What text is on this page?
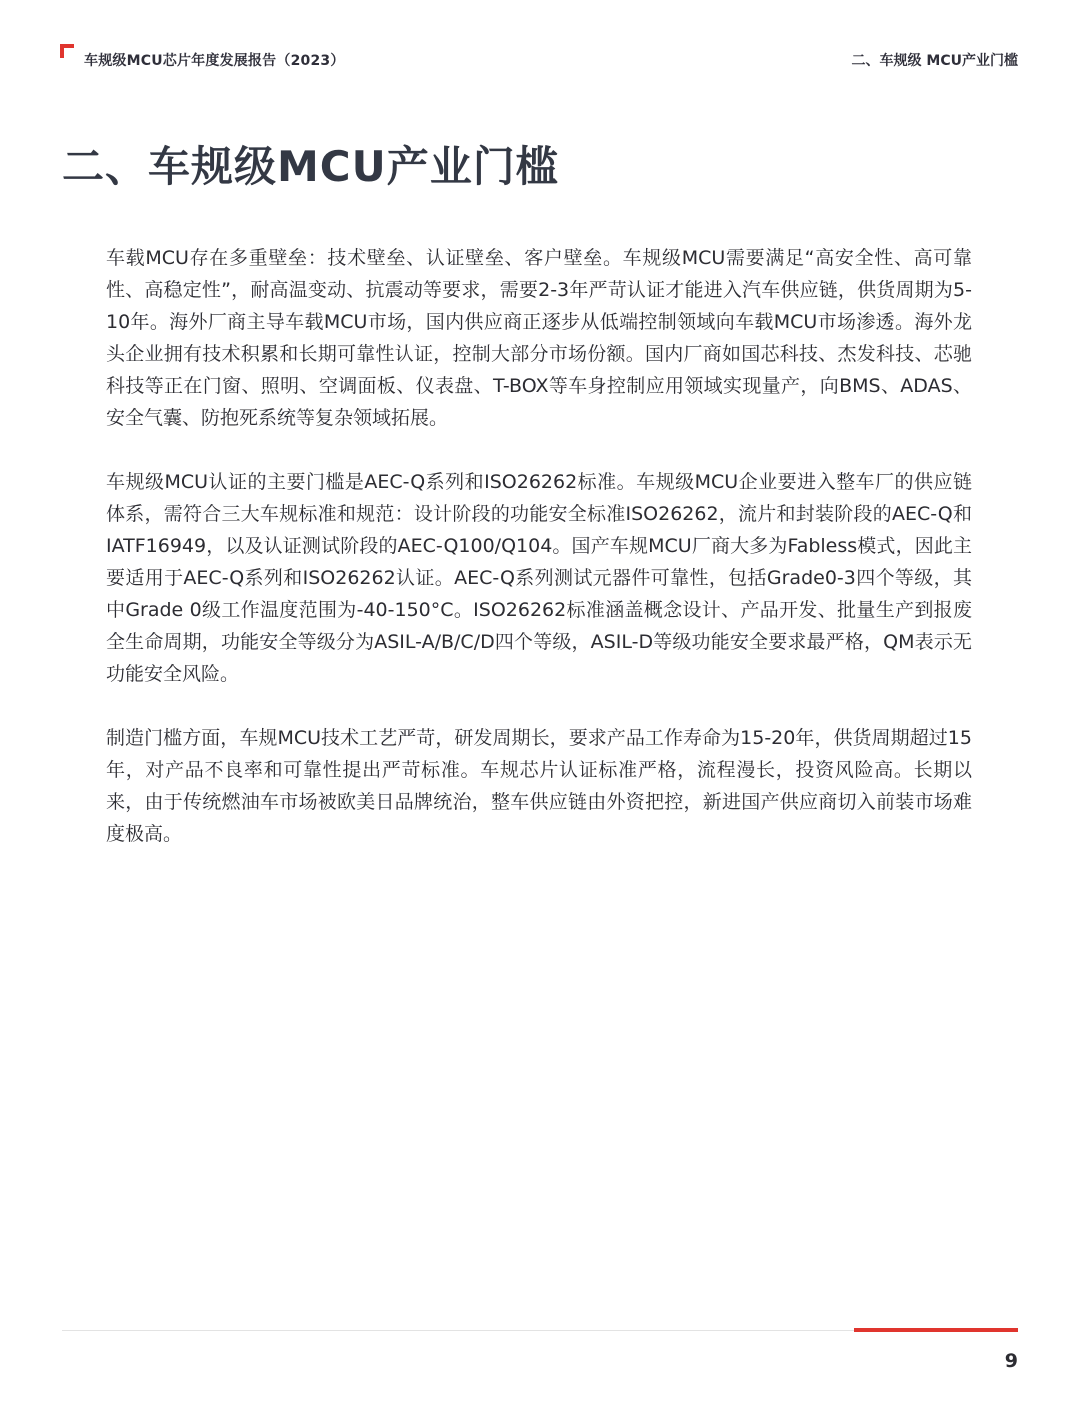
车规级MCU芯片年度发展报告（2023）	二、车规级 MCU产业门槛
二、车规级MCU产业门槛

车载MCU存在多重壁垒：技术壁垒、认证壁垒、客户壁垒。车规级MCU需要满足“高安全性、高可靠性、高稳定性”，耐高温变动、抗震动等要求，需要2-3年严苛认证才能进入汽车供应链，供货周期为5-10年。海外厂商主导车载MCU市场，国内供应商正逐步从低端控制领域向车载MCU市场渗透。海外龙头企业拥有技术积累和长期可靠性认证，控制大部分市场份额。国内厂商如国芯科技、杰发科技、芯驰科技等正在门窗、照明、空调面板、仪表盘、T-BOX等车身控制应用领域实现量产，向BMS、ADAS、安全气囊、防抱死系统等复杂领域拓展。

车规级MCU认证的主要门槛是AEC-Q系列和ISO26262标准。车规级MCU企业要进入整车厂的供应链体系，需符合三大车规标准和规范：设计阶段的功能安全标准ISO26262，流片和封装阶段的AEC-Q和IATF16949，以及认证测试阶段的AEC-Q100/Q104。国产车规MCU厂商大多为Fabless模式，因此主要适用于AEC-Q系列和ISO26262认证。AEC-Q系列测试元器件可靠性，包括Grade0-3四个等级，其中Grade 0级工作温度范围为-40-150°C。ISO26262标准涵盖概念设计、产品开发、批量生产到报废全生命周期，功能安全等级分为ASIL-A/B/C/D四个等级，ASIL-D等级功能安全要求最严格，QM表示无功能安全风险。

制造门槛方面，车规MCU技术工艺严苛，研发周期长，要求产品工作寿命为15-20年，供货周期超过15年，对产品不良率和可靠性提出严苛标准。车规芯片认证标准严格，流程漫长，投资风险高。长期以来，由于传统燃油车市场被欧美日品牌统治，整车供应链由外资把控，新进国产供应商切入前装市场难度极高。

9
